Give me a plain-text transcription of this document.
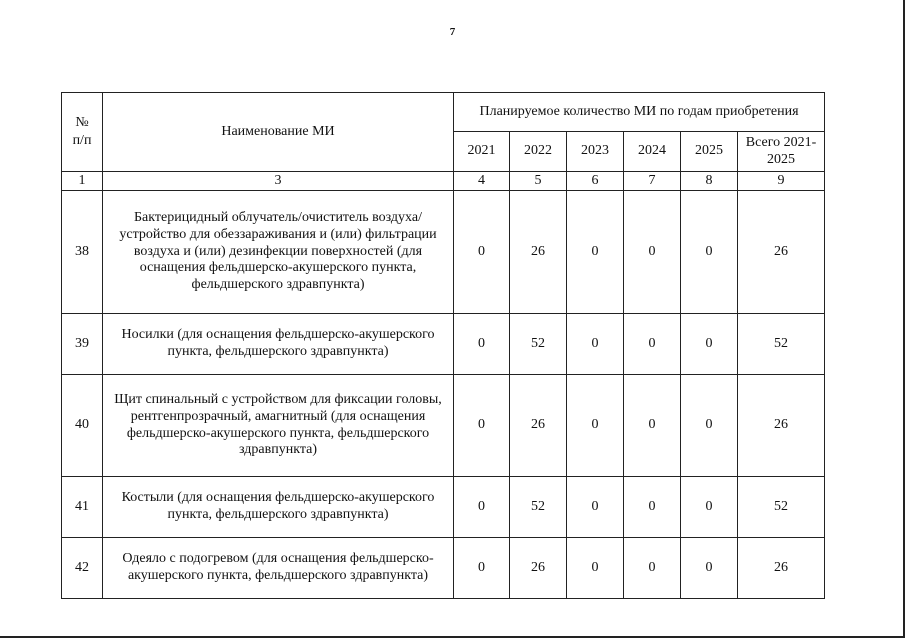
7
№
п/п	Наименование МИ	Планируемое количество МИ по годам приобретения					
		2021	2022	2023	2024	2025	Всего 2021-2025
1	3	4	5	6	7	8	9
38	Бактерицидный облучатель/очиститель воздуха/устройство для обеззараживания и (или) фильтрации воздуха и (или) дезинфекции поверхностей (для оснащения фельдшерско-акушерского пункта, фельдшерского здравпункта)	0	26	0	0	0	26
39	Носилки (для оснащения фельдшерско-акушерского пункта, фельдшерского здравпункта)	0	52	0	0	0	52
40	Щит спинальный с устройством для фиксации головы, рентгенпрозрачный, амагнитный (для оснащения фельдшерско-акушерского пункта, фельдшерского здравпункта)	0	26	0	0	0	26
41	Костыли (для оснащения фельдшерско-акушерского пункта, фельдшерского здравпункта)	0	52	0	0	0	52
42	Одеяло с подогревом (для оснащения фельдшерско-акушерского пункта, фельдшерского здравпункта)	0	26	0	0	0	26
